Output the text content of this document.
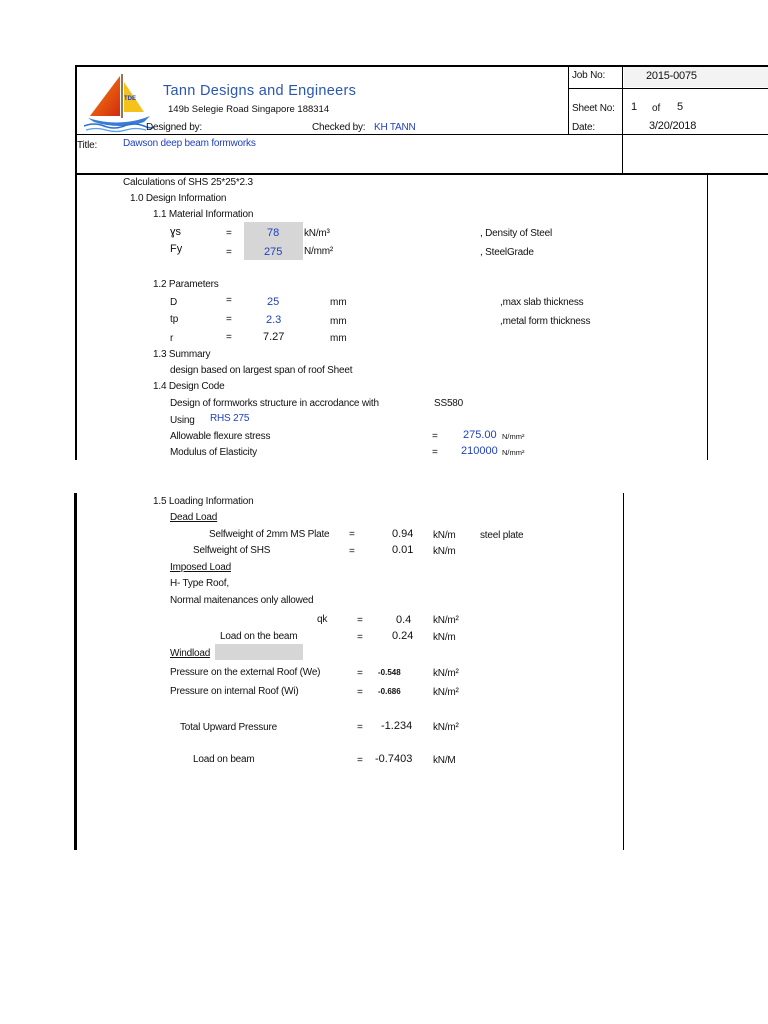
TDE Tann Designs and Engineers
149b Selegie Road Singapore 188314
Job No:	2015-0075
Sheet No: 1 of 5
Designed by:	Checked by: KH TANN	Date:	3/20/2018
Title:	Dawson deep beam formworks
Calculations of SHS 25*25*2.3
1.0 Design Information
1.1 Material Information
ɣs	=	78 kN/m³	, Density of Steel
Fy	=	275 N/mm²	, SteelGrade
1.2 Parameters
D	=	25	mm	,max slab thickness
tp	=	2.3	mm	,metal form thickness
r	=	7.27	mm
1.3 Summary
design based on largest span of roof Sheet
1.4 Design Code
Design of formworks structure in accrodance with	SS580
Using RHS 275
Allowable flexure stress	= 275.00 N/mm²
Modulus of Elasticity	= 210000 N/mm²
1.5 Loading Information
Dead Load
Selfweight of 2mm MS Plate =	0.94 kN/m steel plate
Selfweight of SHS	=	0.01 kN/m
Imposed Load
H- Type Roof,
Normal maitenances only allowed
qk	=	0.4 kN/m²
Load on the beam	=	0.24 kN/m
Windload
Pressure on the external Roof (We)	= -0.548	kN/m²
Pressure on internal Roof (Wi)	= -0.686	kN/m²
Total Upward Pressure	= -1.234 kN/m²
Load on beam	= -0.7403 kN/M
